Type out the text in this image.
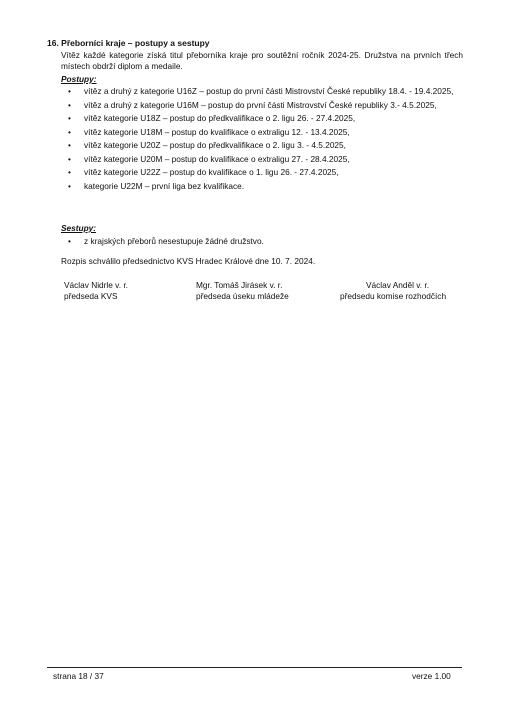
16. Přeborníci kraje – postupy a sestupy
Vítěz každé kategorie získá titul přeborníka kraje pro soutěžní ročník 2024-25. Družstva na prvních třech místech obdrží diplom a medaile.
Postupy:
• vítěz a druhý z kategorie U16Z – postup do první části Mistrovství České republiky 18.4. - 19.4.2025,
• vítěz a druhý z kategorie U16M – postup do první části Mistrovství České republiky 3.- 4.5.2025,
• vítěz kategorie U18Z – postup do předkvalifikace o 2. ligu 26. - 27.4.2025,
• vítěz kategorie U18M – postup do kvalifikace o extraligu 12. - 13.4.2025,
• vítěz kategorie U20Z – postup do předkvalifikace o 2. ligu 3. - 4.5.2025,
• vítěz kategorie U20M – postup do kvalifikace o extraligu 27. - 28.4.2025,
• vítěz kategorie U22Z – postup do kvalifikace o 1. ligu 26. - 27.4.2025,
• kategorie U22M – první liga bez kvalifikace.
Sestupy:
• z krajských přeborů nesestupuje žádné družstvo.
Rozpis schválilo předsednictvo KVS Hradec Králové dne 10. 7. 2024.
Václav Nidrle v. r.
předseda KVS
Mgr. Tomáš Jirásek v. r.
předseda úseku mládeže
Václav Anděl v. r.
předsedu komise rozhodčích
strana 18 / 37	verze 1.00
